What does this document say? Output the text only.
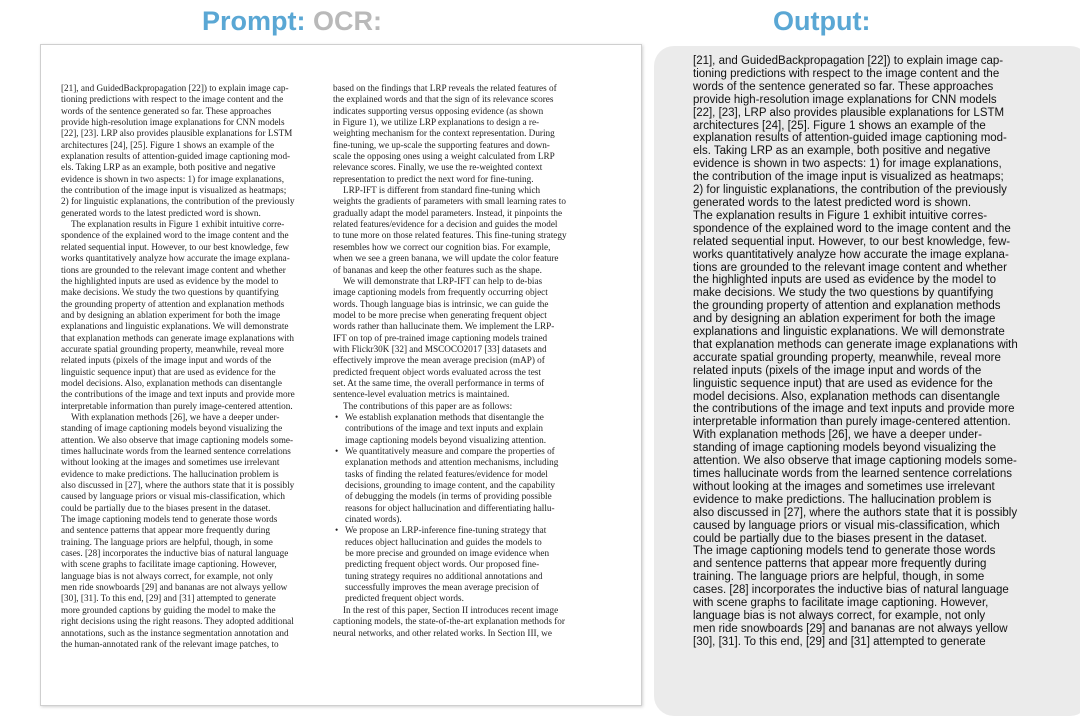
Prompt: OCR:	Output:
[21], and GuidedBackpropagation [22]) to explain image cap-
tioning predictions with respect to the image content and the
words of the sentence generated so far. These approaches
provide high-resolution image explanations for CNN models
[22], [23]. LRP also provides plausible explanations for LSTM
architectures [24], [25]. Figure 1 shows an example of the
explanation results of attention-guided image captioning mod-
els. Taking LRP as an example, both positive and negative
evidence is shown in two aspects: 1) for image explanations,
the contribution of the image input is visualized as heatmaps;
2) for linguistic explanations, the contribution of the previously
generated words to the latest predicted word is shown.
The explanation results in Figure 1 exhibit intuitive corre-
spondence of the explained word to the image content and the
related sequential input. However, to our best knowledge, few
works quantitatively analyze how accurate the image explana-
tions are grounded to the relevant image content and whether
the highlighted inputs are used as evidence by the model to
make decisions. We study the two questions by quantifying
the grounding property of attention and explanation methods
and by designing an ablation experiment for both the image
explanations and linguistic explanations. We will demonstrate
that explanation methods can generate image explanations with
accurate spatial grounding property, meanwhile, reveal more
related inputs (pixels of the image input and words of the
linguistic sequence input) that are used as evidence for the
model decisions. Also, explanation methods can disentangle
the contributions of the image and text inputs and provide more
interpretable information than purely image-centered attention.
With explanation methods [26], we have a deeper under-
standing of image captioning models beyond visualizing the
attention. We also observe that image captioning models some-
times hallucinate words from the learned sentence correlations
without looking at the images and sometimes use irrelevant
evidence to make predictions. The hallucination problem is
also discussed in [27], where the authors state that it is possibly
caused by language priors or visual mis-classification, which
could be partially due to the biases present in the dataset.
The image captioning models tend to generate those words
and sentence patterns that appear more frequently during
training. The language priors are helpful, though, in some
cases. [28] incorporates the inductive bias of natural language
with scene graphs to facilitate image captioning. However,
language bias is not always correct, for example, not only
men ride snowboards [29] and bananas are not always yellow
[30], [31]. To this end, [29] and [31] attempted to generate
more grounded captions by guiding the model to make the
right decisions using the right reasons. They adopted additional
annotations, such as the instance segmentation annotation and
the human-annotated rank of the relevant image patches, to
based on the findings that LRP reveals the related features of
the explained words and that the sign of its relevance scores
indicates supporting versus opposing evidence (as shown
in Figure 1), we utilize LRP explanations to design a re-
weighting mechanism for the context representation. During
fine-tuning, we up-scale the supporting features and down-
scale the opposing ones using a weight calculated from LRP
relevance scores. Finally, we use the re-weighted context
representation to predict the next word for fine-tuning.
LRP-IFT is different from standard fine-tuning which
weights the gradients of parameters with small learning rates to
gradually adapt the model parameters. Instead, it pinpoints the
related features/evidence for a decision and guides the model
to tune more on those related features. This fine-tuning strategy
resembles how we correct our cognition bias. For example,
when we see a green banana, we will update the color feature
of bananas and keep the other features such as the shape.
We will demonstrate that LRP-IFT can help to de-bias
image captioning models from frequently occurring object
words. Though language bias is intrinsic, we can guide the
model to be more precise when generating frequent object
words rather than hallucinate them. We implement the LRP-
IFT on top of pre-trained image captioning models trained
with Flickr30K [32] and MSCOCO2017 [33] datasets and
effectively improve the mean average precision (mAP) of
predicted frequent object words evaluated across the test
set. At the same time, the overall performance in terms of
sentence-level evaluation metrics is maintained.
The contributions of this paper are as follows:
• We establish explanation methods that disentangle the
contributions of the image and text inputs and explain
image captioning models beyond visualizing attention.
• We quantitatively measure and compare the properties of
explanation methods and attention mechanisms, including
tasks of finding the related features/evidence for model
decisions, grounding to image content, and the capability
of debugging the models (in terms of providing possible
reasons for object hallucination and differentiating hallu-
cinated words).
• We propose an LRP-inference fine-tuning strategy that
reduces object hallucination and guides the models to
be more precise and grounded on image evidence when
predicting frequent object words. Our proposed fine-
tuning strategy requires no additional annotations and
successfully improves the mean average precision of
predicted frequent object words.
In the rest of this paper, Section II introduces recent image
captioning models, the state-of-the-art explanation methods for
neural networks, and other related works. In Section III, we
[21], and GuidedBackpropagation [22]) to explain image cap-
tioning predictions with respect to the image content and the
words of the sentence generated so far. These approaches
provide high-resolution image explanations for CNN models
[22], [23], LRP also provides plausible explanations for LSTM
architectures [24], [25]. Figure 1 shows an example of the
explanation results of attention-guided image captioning mod-
els. Taking LRP as an example, both positive and negative
evidence is shown in two aspects: 1) for image explanations,
the contribution of the image input is visualized as heatmaps;
2) for linguistic explanations, the contribution of the previously
generated words to the latest predicted word is shown.
The explanation results in Figure 1 exhibit intuitive corres-
spondence of the explained word to the image content and the
related sequential input. However, to our best knowledge, few-
works quantitatively analyze how accurate the image explana-
tions are grounded to the relevant image content and whether
the highlighted inputs are used as evidence by the model to
make decisions. We study the two questions by quantifying
the grounding property of attention and explanation methods
and by designing an ablation experiment for both the image
explanations and linguistic explanations. We will demonstrate
that explanation methods can generate image explanations with
accurate spatial grounding property, meanwhile, reveal more
related inputs (pixels of the image input and words of the
linguistic sequence input) that are used as evidence for the
model decisions. Also, explanation methods can disentangle
the contributions of the image and text inputs and provide more
interpretable information than purely image-centered attention.
With explanation methods [26], we have a deeper under-
standing of image captioning models beyond visualizing the
attention. We also observe that image captioning models some-
times hallucinate words from the learned sentence correlations
without looking at the images and sometimes use irrelevant
evidence to make predictions. The hallucination problem is
also discussed in [27], where the authors state that it is possibly
caused by language priors or visual mis-classification, which
could be partially due to the biases present in the dataset.
The image captioning models tend to generate those words
and sentence patterns that appear more frequently during
training. The language priors are helpful, though, in some
cases. [28] incorporates the inductive bias of natural language
with scene graphs to facilitate image captioning. However,
language bias is not always correct, for example, not only
men ride snowboards [29] and bananas are not always yellow
[30], [31]. To this end, [29] and [31] attempted to generate
